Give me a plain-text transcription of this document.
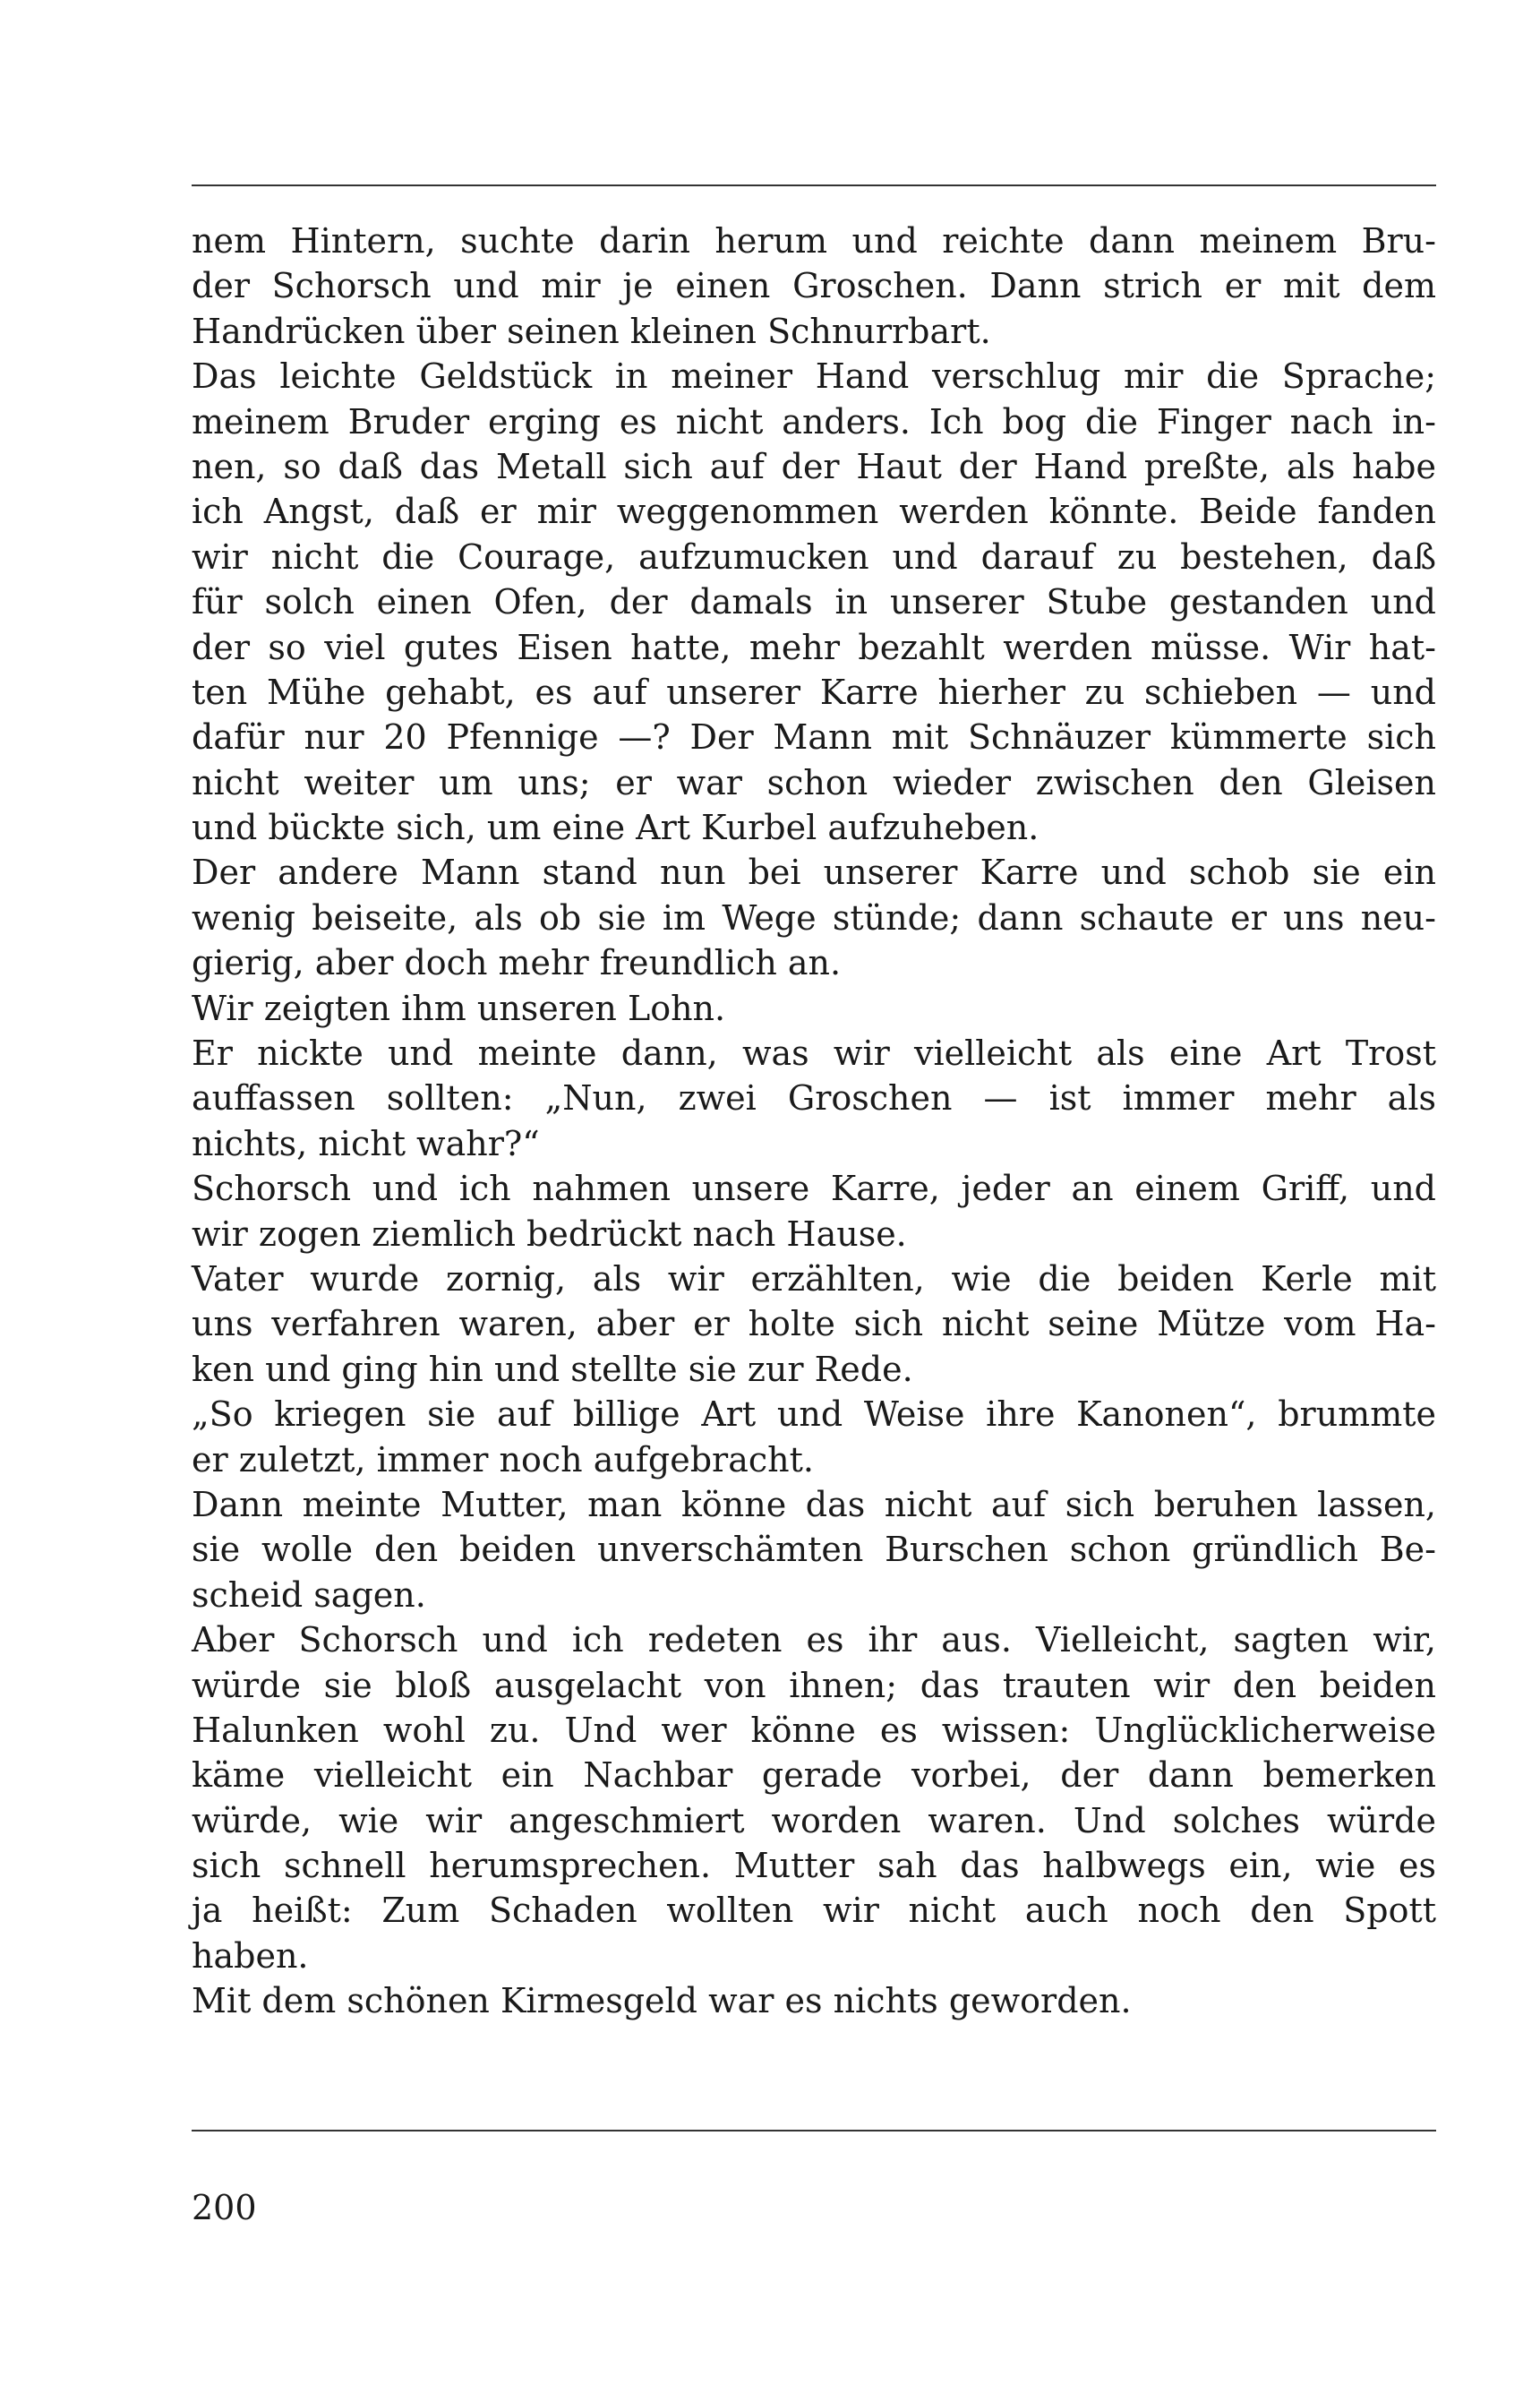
nem Hintern, suchte darin herum und reichte dann meinem Bru-
der Schorsch und mir je einen Groschen. Dann strich er mit dem
Handrücken über seinen kleinen Schnurrbart.
Das leichte Geldstück in meiner Hand verschlug mir die Sprache;
meinem Bruder erging es nicht anders. Ich bog die Finger nach in-
nen, so daß das Metall sich auf der Haut der Hand preßte, als habe
ich Angst, daß er mir weggenommen werden könnte. Beide fanden
wir nicht die Courage, aufzumucken und darauf zu bestehen, daß
für solch einen Ofen, der damals in unserer Stube gestanden und
der so viel gutes Eisen hatte, mehr bezahlt werden müsse. Wir hat-
ten Mühe gehabt, es auf unserer Karre hierher zu schieben — und
dafür nur 20 Pfennige —? Der Mann mit Schnäuzer kümmerte sich
nicht weiter um uns; er war schon wieder zwischen den Gleisen
und bückte sich, um eine Art Kurbel aufzuheben.
Der andere Mann stand nun bei unserer Karre und schob sie ein
wenig beiseite, als ob sie im Wege stünde; dann schaute er uns neu-
gierig, aber doch mehr freundlich an.
Wir zeigten ihm unseren Lohn.
Er nickte und meinte dann, was wir vielleicht als eine Art Trost
auffassen sollten: „Nun, zwei Groschen — ist immer mehr als
nichts, nicht wahr?“
Schorsch und ich nahmen unsere Karre, jeder an einem Griff, und
wir zogen ziemlich bedrückt nach Hause.
Vater wurde zornig, als wir erzählten, wie die beiden Kerle mit
uns verfahren waren, aber er holte sich nicht seine Mütze vom Ha-
ken und ging hin und stellte sie zur Rede.
„So kriegen sie auf billige Art und Weise ihre Kanonen“, brummte
er zuletzt, immer noch aufgebracht.
Dann meinte Mutter, man könne das nicht auf sich beruhen lassen,
sie wolle den beiden unverschämten Burschen schon gründlich Be-
scheid sagen.
Aber Schorsch und ich redeten es ihr aus. Vielleicht, sagten wir,
würde sie bloß ausgelacht von ihnen; das trauten wir den beiden
Halunken wohl zu. Und wer könne es wissen: Unglücklicherweise
käme vielleicht ein Nachbar gerade vorbei, der dann bemerken
würde, wie wir angeschmiert worden waren. Und solches würde
sich schnell herumsprechen. Mutter sah das halbwegs ein, wie es
ja heißt: Zum Schaden wollten wir nicht auch noch den Spott
haben.
Mit dem schönen Kirmesgeld war es nichts geworden.
200
